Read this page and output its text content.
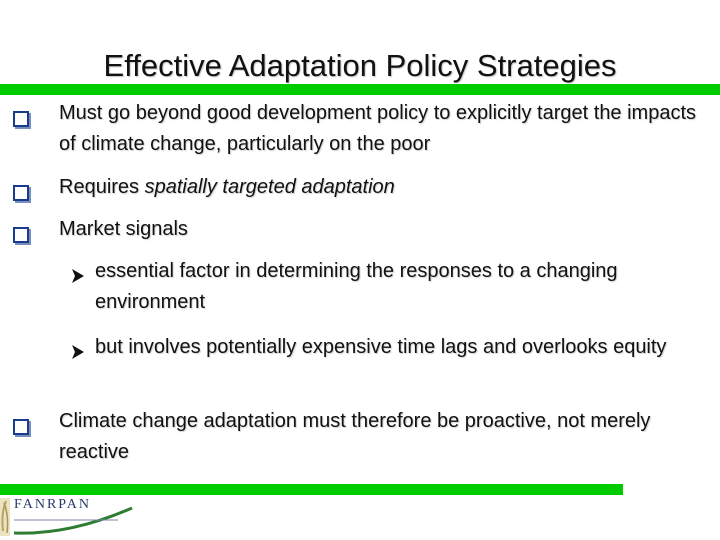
Effective Adaptation Policy Strategies
Must go beyond good development policy to explicitly target the impacts of climate change, particularly on the poor
Requires spatially targeted adaptation
Market signals
essential factor in determining the responses to a changing environment
but involves potentially expensive time lags and overlooks equity
Climate change adaptation must therefore be proactive, not merely reactive
FANRPAN
